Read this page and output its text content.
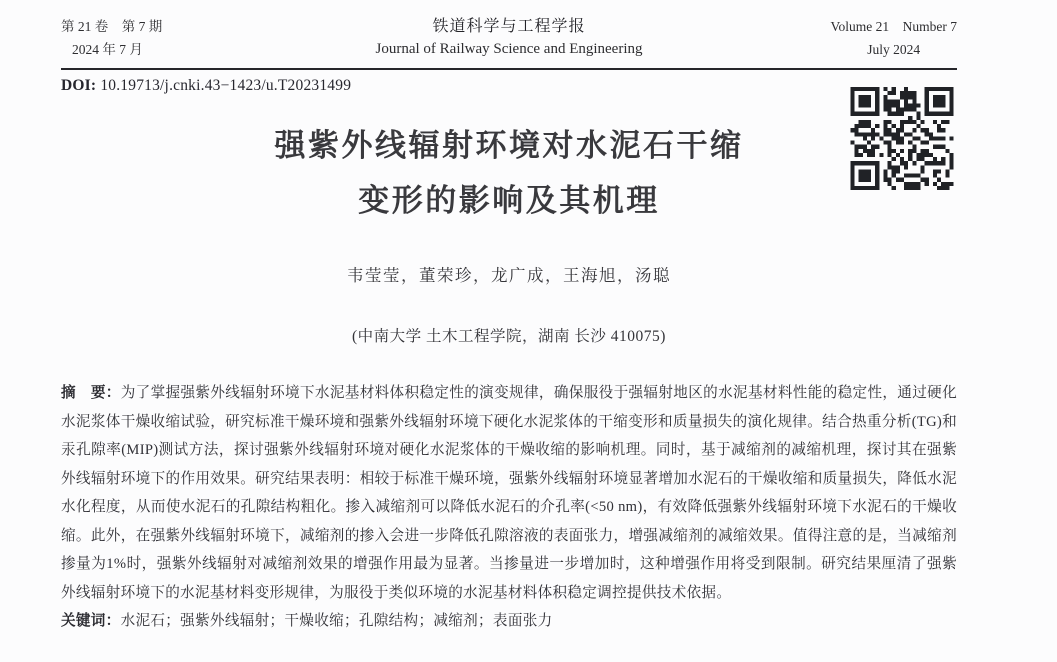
第 21 卷　第 7 期
2024 年 7 月
铁道科学与工程学报
Journal of Railway Science and Engineering
Volume 21　Number 7
July 2024
DOI: 10.19713/j.cnki.43−1423/u.T20231499
强紫外线辐射环境对水泥石干缩
变形的影响及其机理
韦莹莹，董荣珍，龙广成，王海旭，汤聪
(中南大学 土木工程学院，湖南 长沙 410075)

摘　要：为了掌握强紫外线辐射环境下水泥基材料体积稳定性的演变规律，确保服役于强辐射地区的水泥基材料性能的稳定性，通过硬化水泥浆体干燥收缩试验，研究标准干燥环境和强紫外线辐射环境下硬化水泥浆体的干缩变形和质量损失的演化规律。结合热重分析(TG)和汞孔隙率(MIP)测试方法，探讨强紫外线辐射环境对硬化水泥浆体的干燥收缩的影响机理。同时，基于减缩剂的减缩机理，探讨其在强紫外线辐射环境下的作用效果。研究结果表明：相较于标准干燥环境，强紫外线辐射环境显著增加水泥石的干燥收缩和质量损失，降低水泥水化程度，从而使水泥石的孔隙结构粗化。掺入减缩剂可以降低水泥石的介孔率(<50 nm)，有效降低强紫外线辐射环境下水泥石的干燥收缩。此外，在强紫外线辐射环境下，减缩剂的掺入会进一步降低孔隙溶液的表面张力，增强减缩剂的减缩效果。值得注意的是，当减缩剂掺量为1%时，强紫外线辐射对减缩剂效果的增强作用最为显著。当掺量进一步增加时，这种增强作用将受到限制。研究结果厘清了强紫外线辐射环境下的水泥基材料变形规律，为服役于类似环境的水泥基材料体积稳定调控提供技术依据。

关键词：水泥石；强紫外线辐射；干燥收缩；孔隙结构；减缩剂；表面张力
